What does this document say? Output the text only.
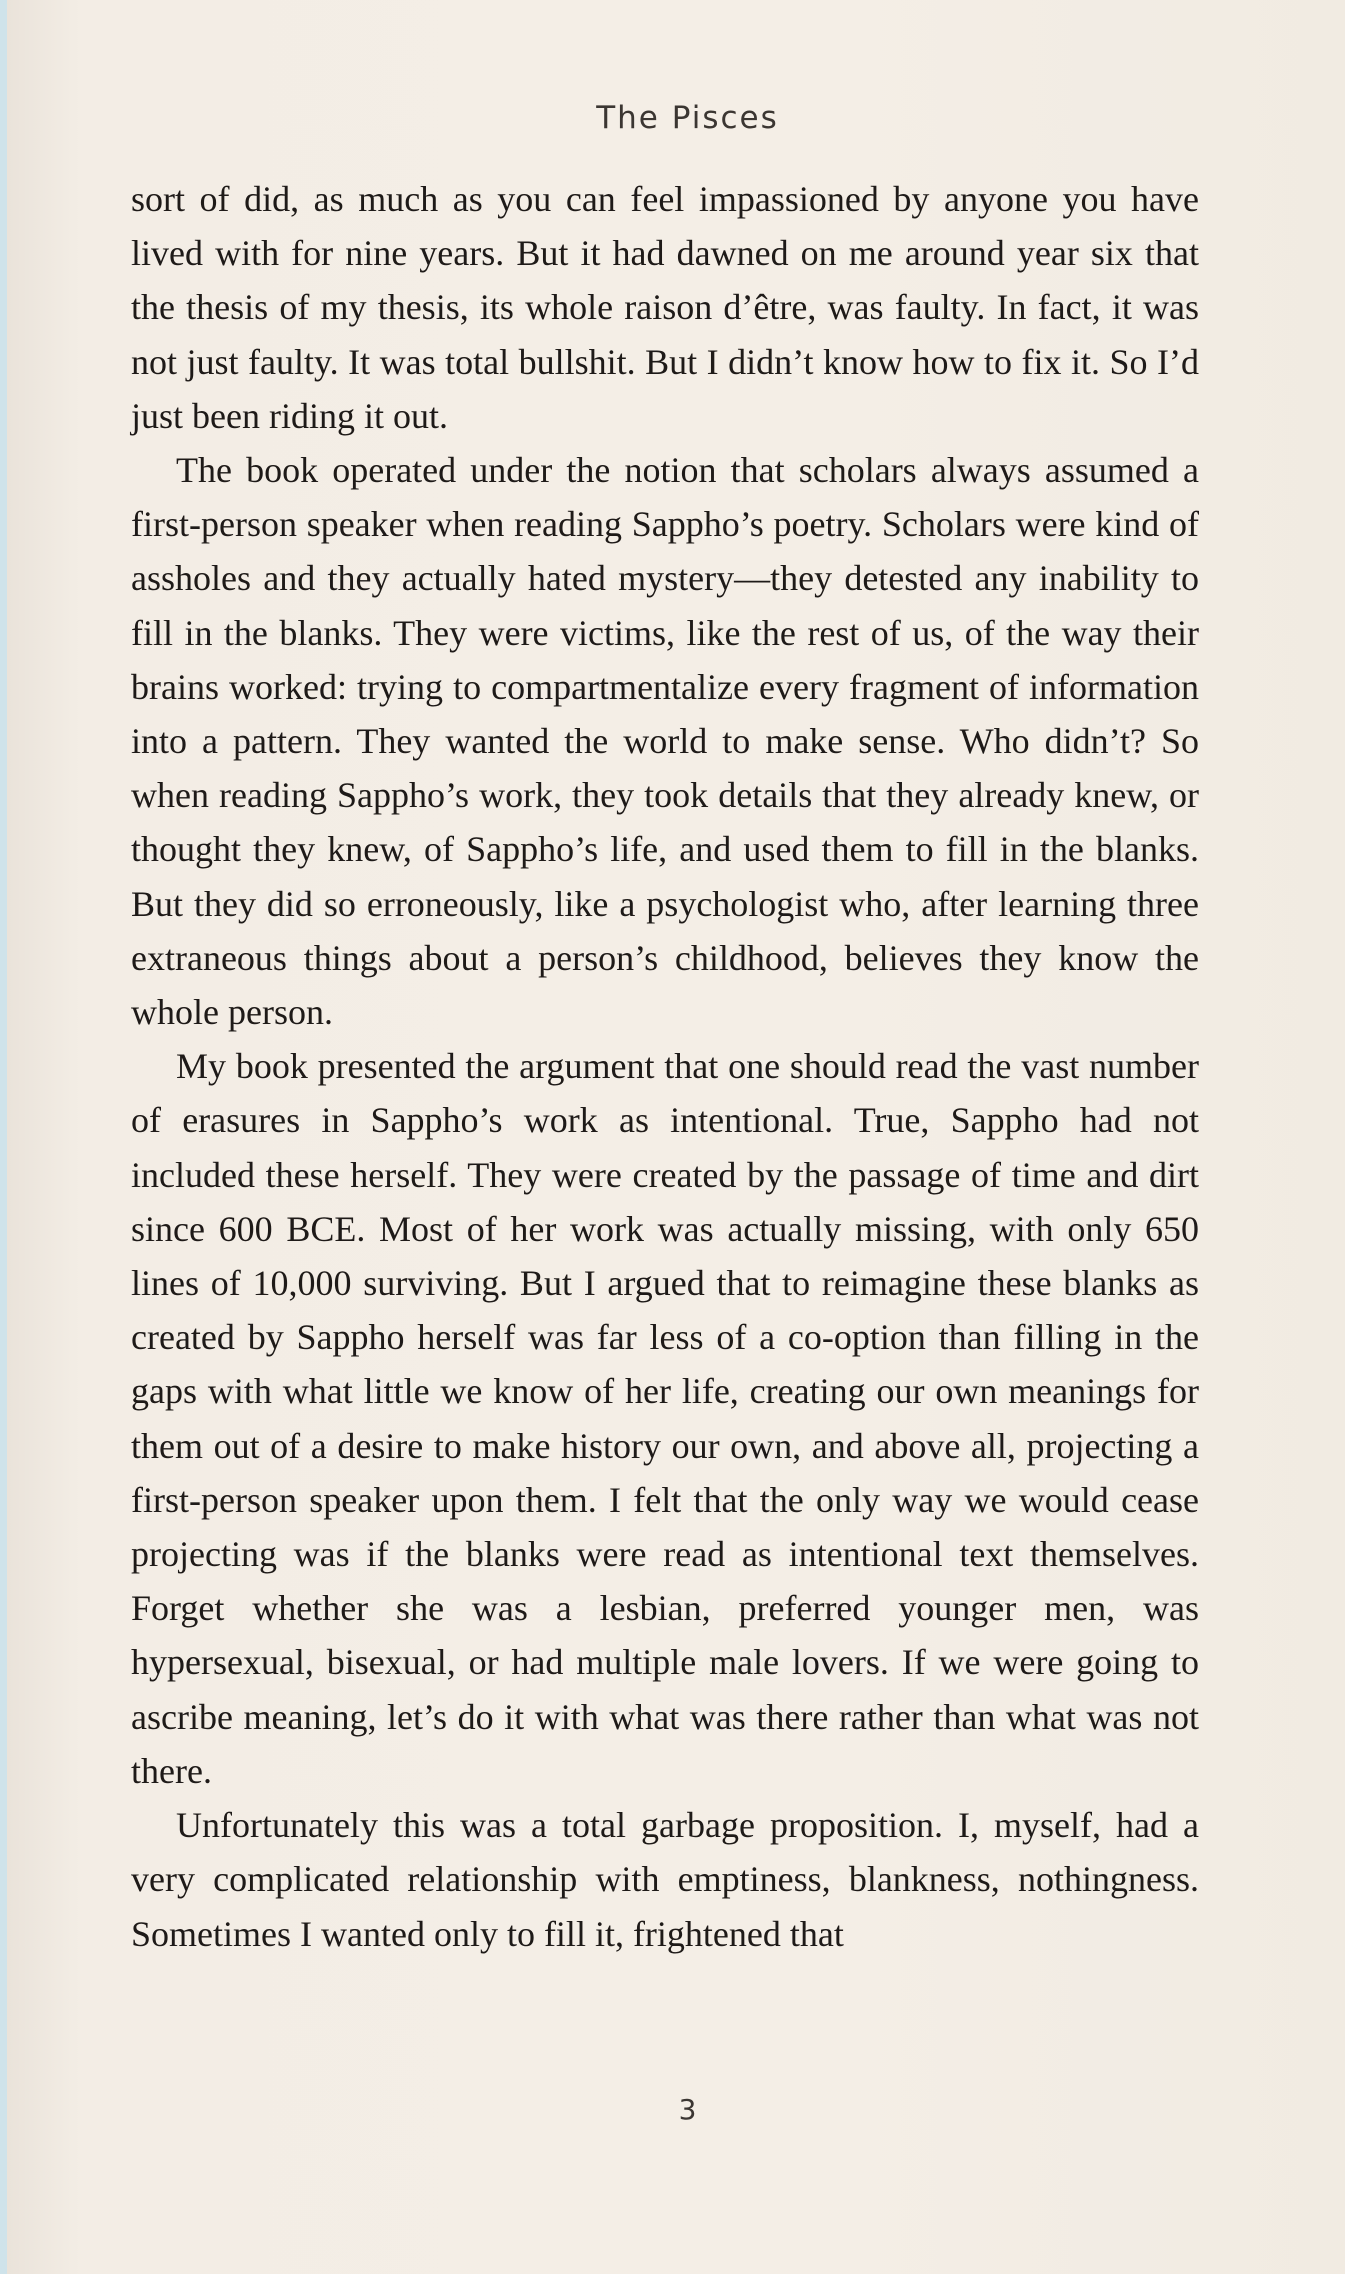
The Pisces

sort of did, as much as you can feel impassioned by anyone you have lived with for nine years. But it had dawned on me around year six that the thesis of my thesis, its whole raison d’être, was faulty. In fact, it was not just faulty. It was total bullshit. But I didn’t know how to fix it. So I’d just been riding it out.

The book operated under the notion that scholars always assumed a first-person speaker when reading Sappho’s poetry. Scholars were kind of assholes and they actually hated mystery—they detested any inability to fill in the blanks. They were victims, like the rest of us, of the way their brains worked: trying to compartmentalize every fragment of information into a pattern. They wanted the world to make sense. Who didn’t? So when reading Sappho’s work, they took details that they already knew, or thought they knew, of Sappho’s life, and used them to fill in the blanks. But they did so erroneously, like a psychologist who, after learning three extraneous things about a person’s childhood, believes they know the whole person.

My book presented the argument that one should read the vast number of erasures in Sappho’s work as intentional. True, Sappho had not included these herself. They were created by the passage of time and dirt since 600 BCE. Most of her work was actually missing, with only 650 lines of 10,000 surviving. But I argued that to reimagine these blanks as created by Sappho herself was far less of a co-option than filling in the gaps with what little we know of her life, creating our own meanings for them out of a desire to make history our own, and above all, projecting a first-person speaker upon them. I felt that the only way we would cease projecting was if the blanks were read as intentional text themselves. Forget whether she was a lesbian, preferred younger men, was hypersexual, bisexual, or had multiple male lovers. If we were going to ascribe meaning, let’s do it with what was there rather than what was not there.

Unfortunately this was a total garbage proposition. I, myself, had a very complicated relationship with emptiness, blankness, nothingness. Sometimes I wanted only to fill it, frightened that

3
